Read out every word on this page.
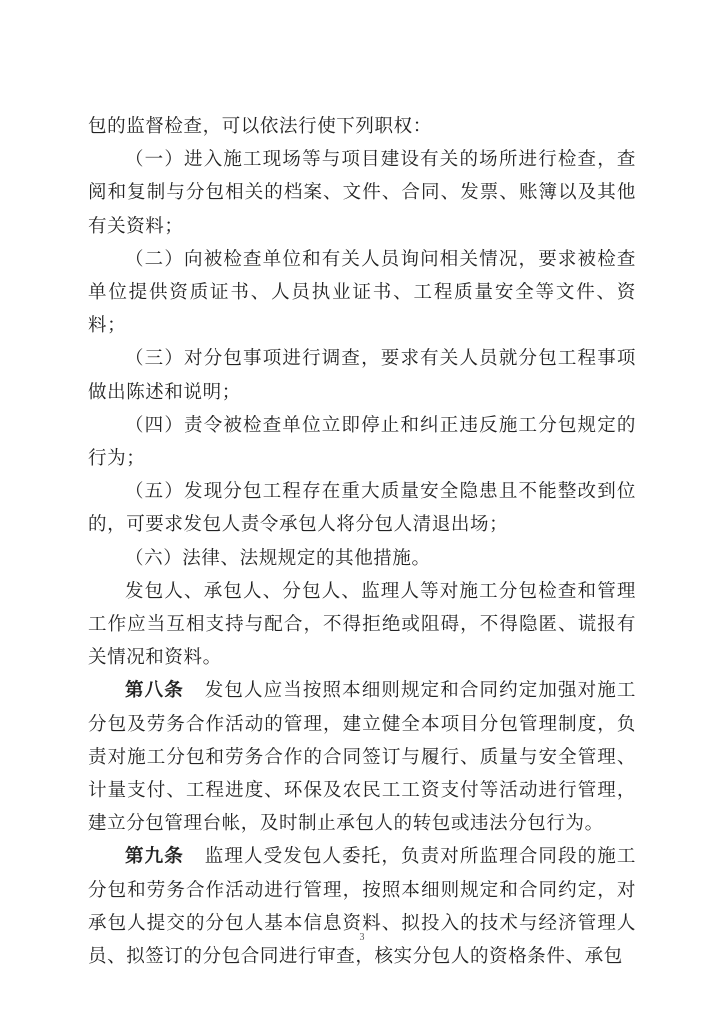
包的监督检查，可以依法行使下列职权：

（一）进入施工现场等与项目建设有关的场所进行检查，查阅和复制与分包相关的档案、文件、合同、发票、账簿以及其他有关资料；

（二）向被检查单位和有关人员询问相关情况，要求被检查单位提供资质证书、人员执业证书、工程质量安全等文件、资料；

（三）对分包事项进行调查，要求有关人员就分包工程事项做出陈述和说明；

（四）责令被检查单位立即停止和纠正违反施工分包规定的行为；

（五）发现分包工程存在重大质量安全隐患且不能整改到位的，可要求发包人责令承包人将分包人清退出场；

（六）法律、法规规定的其他措施。

发包人、承包人、分包人、监理人等对施工分包检查和管理工作应当互相支持与配合，不得拒绝或阻碍，不得隐匿、谎报有关情况和资料。

第八条 发包人应当按照本细则规定和合同约定加强对施工分包及劳务合作活动的管理，建立健全本项目分包管理制度，负责对施工分包和劳务合作的合同签订与履行、质量与安全管理、计量支付、工程进度、环保及农民工工资支付等活动进行管理，建立分包管理台帐，及时制止承包人的转包或违法分包行为。

第九条 监理人受发包人委托，负责对所监理合同段的施工分包和劳务合作活动进行管理，按照本细则规定和合同约定，对承包人提交的分包人基本信息资料、拟投入的技术与经济管理人员、拟签订的分包合同进行审查，核实分包人的资格条件、承包

3
